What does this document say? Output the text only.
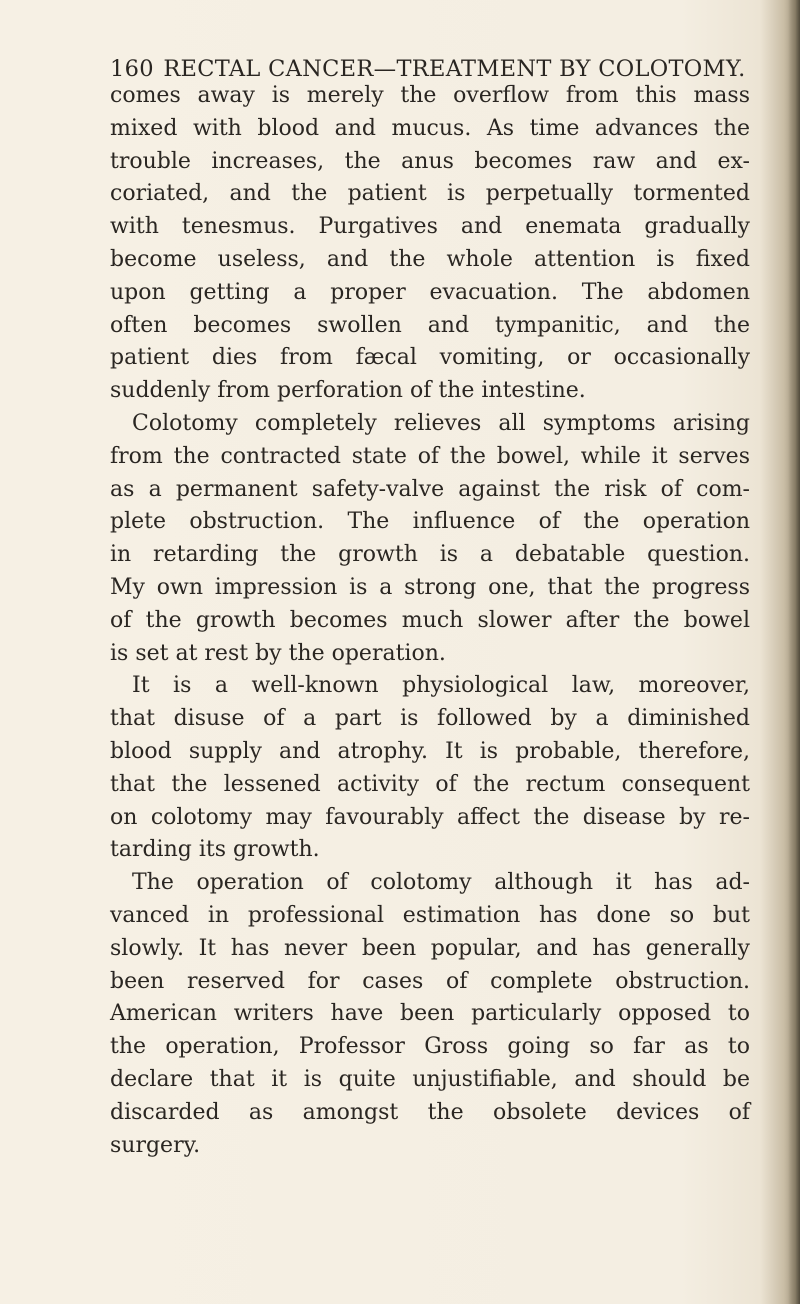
160 RECTAL CANCER—TREATMENT BY COLOTOMY.
comes away is merely the overflow from this mass
mixed with blood and mucus. As time advances the
trouble increases, the anus becomes raw and ex-
coriated, and the patient is perpetually tormented
with tenesmus. Purgatives and enemata gradually
become useless, and the whole attention is fixed
upon getting a proper evacuation. The abdomen
often becomes swollen and tympanitic, and the
patient dies from fæcal vomiting, or occasionally
suddenly from perforation of the intestine.
Colotomy completely relieves all symptoms arising
from the contracted state of the bowel, while it serves
as a permanent safety-valve against the risk of com-
plete obstruction. The influence of the operation
in retarding the growth is a debatable question.
My own impression is a strong one, that the progress
of the growth becomes much slower after the bowel
is set at rest by the operation.
It is a well-known physiological law, moreover,
that disuse of a part is followed by a diminished
blood supply and atrophy. It is probable, therefore,
that the lessened activity of the rectum consequent
on colotomy may favourably affect the disease by re-
tarding its growth.
The operation of colotomy although it has ad-
vanced in professional estimation has done so but
slowly. It has never been popular, and has generally
been reserved for cases of complete obstruction.
American writers have been particularly opposed to
the operation, Professor Gross going so far as to
declare that it is quite unjustifiable, and should be
discarded as amongst the obsolete devices of
surgery.
